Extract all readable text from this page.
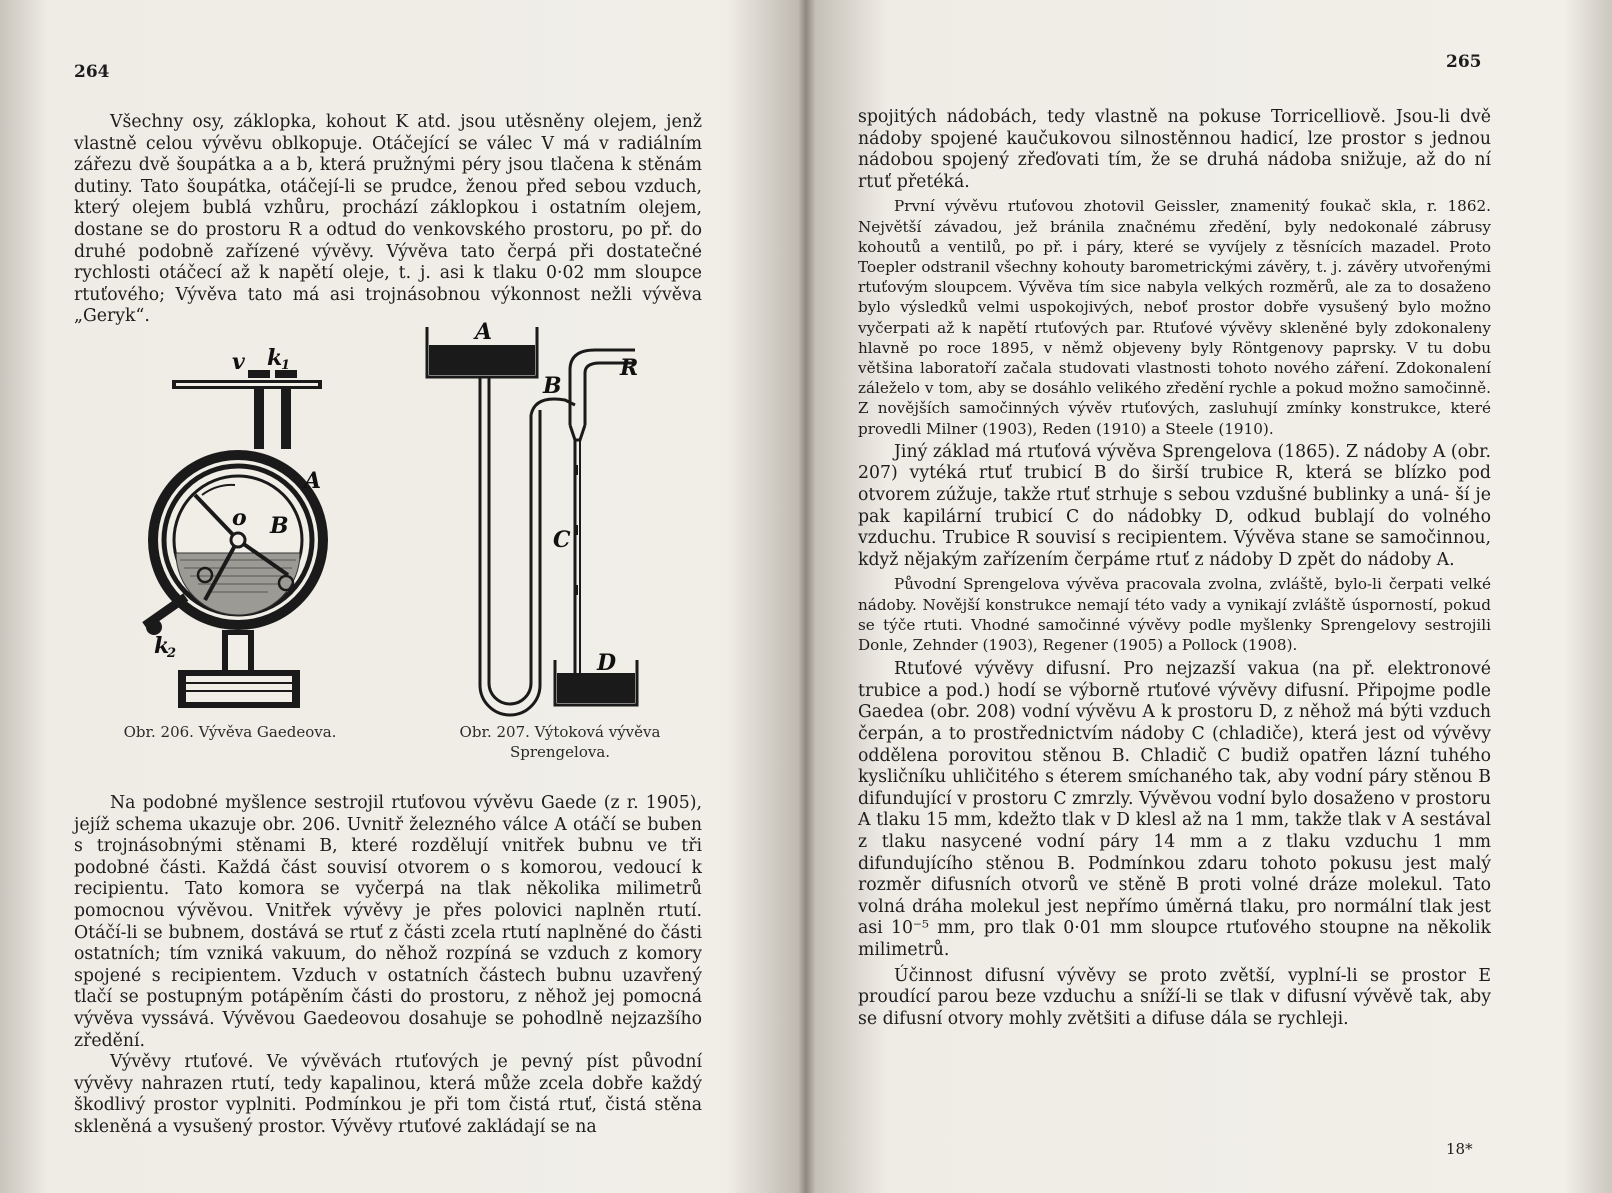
264

Všechny osy, záklopka, kohout K atd. jsou utěsněny olejem, jenž vlastně celou vývěvu oblkopuje. Otáčející se válec V má v radiálním zářezu dvě šoupátka a a b, která pružnými péry jsou tlačena k stěnám dutiny. Tato šoupátka, otáčejí-li se prudce, ženou před sebou vzduch, který olejem bublá vzhůru, prochází záklopkou i ostatním olejem, dostane se do prostoru R a odtud do venkovského prostoru, po př. do druhé podobně zařízené vývěvy. Vývěva tato čerpá při dostatečné rychlosti otáčecí až k napětí oleje, t. j. asi k tlaku 0·02 mm sloupce rtuťového; Vývěva tato má asi trojnásobnou výkonnost nežli vývěva „Geryk“.

v k
1
A
o B
k
2
A
B
R
C
D
Obr. 206. Vývěva Gaedeova.	Obr. 207. Výtoková vývěva
Sprengelova.

Na podobné myšlence sestrojil rtuťovou vývěvu Gaede (z r. 1905), jejíž schema ukazuje obr. 206. Uvnitř železného válce A otáčí se buben s trojnásobnými stěnami B, které rozdělují vnitřek bubnu ve tři podobné části. Každá část souvisí otvorem o s komorou, vedoucí k recipientu. Tato komora se vyčerpá na tlak několika milimetrů pomocnou vývěvou. Vnitřek vývěvy je přes polovici naplněn rtutí. Otáčí-li se bubnem, dostává se rtuť z části zcela rtutí naplněné do části ostatních; tím vzniká vakuum, do něhož rozpíná se vzduch z komory spojené s recipientem. Vzduch v ostatních částech bubnu uzavřený tlačí se postupným potápěním části do prostoru, z něhož jej pomocná vývěva vyssává. Vývěvou Gaedeovou dosahuje se pohodlně nejzazšího zředění.

Vývěvy rtuťové. Ve vývěvách rtuťových je pevný píst původní vývěvy nahrazen rtutí, tedy kapalinou, která může zcela dobře každý škodlivý prostor vyplniti. Podmínkou je při tom čistá rtuť, čistá stěna skleněná a vysušený prostor. Vývěvy rtuťové zakládají se na

265

spojitých nádobách, tedy vlastně na pokuse Torricelliově. Jsou-li dvě nádoby spojené kaučukovou silnostěnnou hadicí, lze prostor s jednou nádobou spojený zřeďovati tím, že se druhá nádoba snižuje, až do ní rtuť přetéká.

První vývěvu rtuťovou zhotovil Geissler, znamenitý foukač skla, r. 1862. Největší závadou, jež bránila značnému zředění, byly nedokonalé zábrusy kohoutů a ventilů, po př. i páry, které se vyvíjely z těsnících mazadel. Proto Toepler odstranil všechny kohouty barometrickými závěry, t. j. závěry utvořenými rtuťovým sloupcem. Vývěva tím sice nabyla velkých rozměrů, ale za to dosaženo bylo výsledků velmi uspokojivých, neboť prostor dobře vysušený bylo možno vyčerpati až k napětí rtuťových par. Rtuťové vývěvy skleněné byly zdokonaleny hlavně po roce 1895, v němž objeveny byly Röntgenovy paprsky. V tu dobu většina laboratoří začala studovati vlastnosti tohoto nového záření. Zdokonalení záleželo v tom, aby se dosáhlo velikého zředění rychle a pokud možno samočinně. Z novějších samočinných vývěv rtuťových, zasluhují zmínky konstrukce, které provedli Milner (1903), Reden (1910) a Steele (1910).

Jiný základ má rtuťová vývěva Sprengelova (1865). Z nádoby A (obr. 207) vytéká rtuť trubicí B do širší trubice R, která se blízko pod otvorem zúžuje, takže rtuť strhuje s sebou vzdušné bublinky a uná‑ ší je pak kapilární trubicí C do nádobky D, odkud bublají do volného vzduchu. Trubice R souvisí s recipientem. Vývěva stane se samočinnou, když nějakým zařízením čerpáme rtuť z nádoby D zpět do nádoby A.

Původní Sprengelova vývěva pracovala zvolna, zvláště, bylo-li čerpati velké nádoby. Novější konstrukce nemají této vady a vynikají zvláště úsporností, pokud se týče rtuti. Vhodné samočinné vývěvy podle myšlenky Sprengelovy sestrojili Donle, Zehnder (1903), Regener (1905) a Pollock (1908).

Rtuťové vývěvy difusní. Pro nejzazší vakua (na př. elektronové trubice a pod.) hodí se výborně rtuťové vývěvy difusní. Připojme podle Gaedea (obr. 208) vodní vývěvu A k prostoru D, z něhož má býti vzduch čerpán, a to prostřednictvím nádoby C (chladiče), která jest od vývěvy oddělena porovitou stěnou B. Chladič C budiž opatřen lázní tuhého kysličníku uhličitého s éterem smíchaného tak, aby vodní páry stěnou B difundující v prostoru C zmrzly. Vývěvou vodní bylo dosaženo v prostoru A tlaku 15 mm, kdežto tlak v D klesl až na 1 mm, takže tlak v A sestával z tlaku nasycené vodní páry 14 mm a z tlaku vzduchu 1 mm difundujícího stěnou B. Podmínkou zdaru tohoto pokusu jest malý rozměr difusních otvorů ve stěně B proti volné dráze molekul. Tato volná dráha molekul jest nepřímo úměrná tlaku, pro normální tlak jest asi 10⁻⁵ mm, pro tlak 0·01 mm sloupce rtuťového stoupne na několik milimetrů.

Účinnost difusní vývěvy se proto zvětší, vyplní-li se prostor E proudící parou beze vzduchu a sníží-li se tlak v difusní vývěvě tak, aby se difusní otvory mohly zvětšiti a difuse dála se rychleji.

18*
